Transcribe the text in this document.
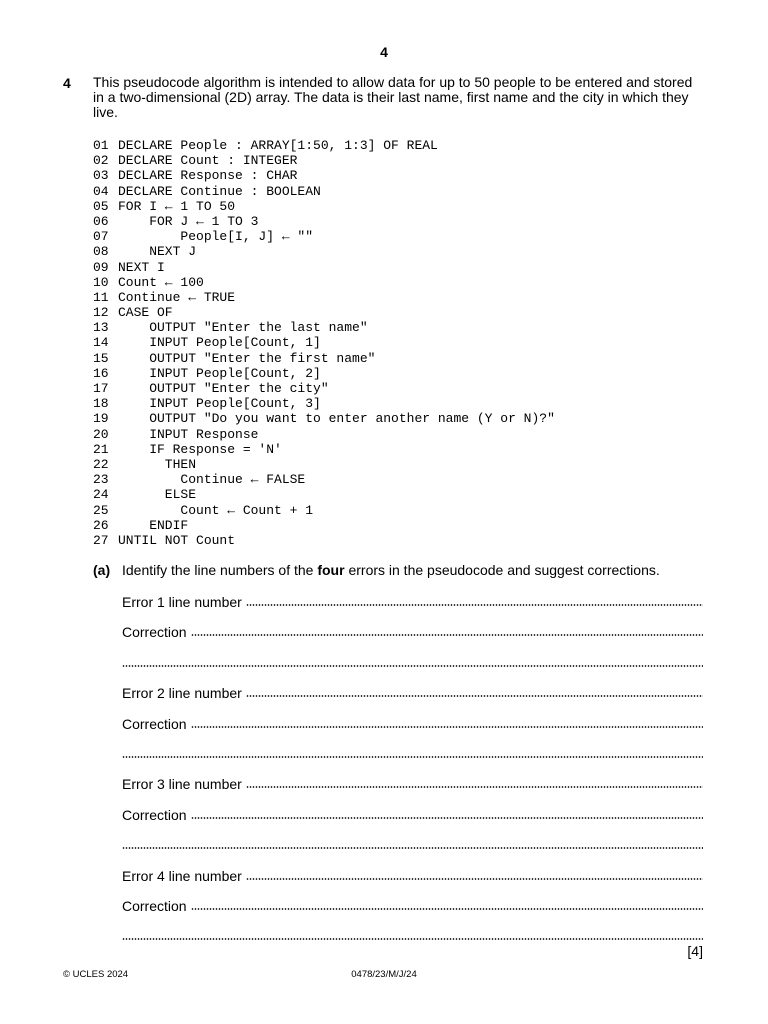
4
4 This pseudocode algorithm is intended to allow data for up to 50 people to be entered and stored in a two-dimensional (2D) array. The data is their last name, first name and the city in which they live.
01 DECLARE People : ARRAY[1:50, 1:3] OF REAL
02 DECLARE Count : INTEGER
03 DECLARE Response : CHAR
04 DECLARE Continue : BOOLEAN
05 FOR I ← 1 TO 50
06    FOR J ← 1 TO 3
07        People[I, J] ← ""
08    NEXT J
09 NEXT I
10 Count ← 100
11 Continue ← TRUE
12 CASE OF
13    OUTPUT "Enter the last name"
14    INPUT People[Count, 1]
15    OUTPUT "Enter the first name"
16    INPUT People[Count, 2]
17    OUTPUT "Enter the city"
18    INPUT People[Count, 3]
19    OUTPUT "Do you want to enter another name (Y or N)?"
20    INPUT Response
21    IF Response = 'N'
22      THEN
23        Continue ← FALSE
24      ELSE
25        Count ← Count + 1
26    ENDIF
27 UNTIL NOT Count
(a) Identify the line numbers of the four errors in the pseudocode and suggest corrections.
Error 1 line number
Correction
Error 2 line number
Correction
Error 3 line number
Correction
Error 4 line number
Correction
[4]
© UCLES 2024	0478/23/M/J/24
